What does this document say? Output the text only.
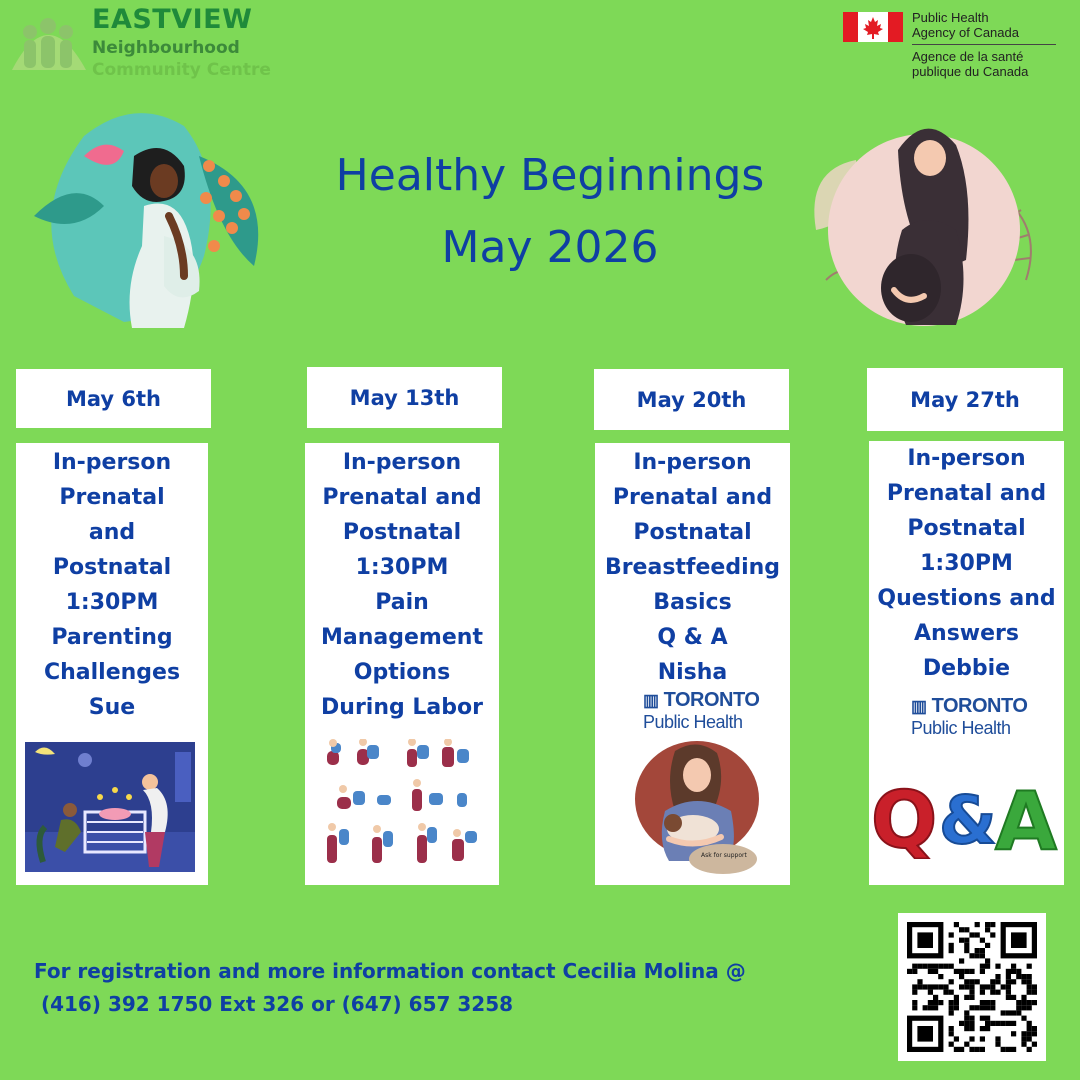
EASTVIEW
Neighbourhood
Community Centre
Public Health
Agency of Canada
Agence de la santé
publique du Canada
Healthy Beginnings
May 2026
May 6th
In-person
Prenatal
and
Postnatal
1:30PM
Parenting
Challenges
Sue
May 13th
In-person
Prenatal and
Postnatal
1:30PM
Pain
Management
Options
During Labor
May 20th
In-person
Prenatal and
Postnatal
Breastfeeding
Basics
Q & A
Nisha
▥ TORONTO
Public Health
Ask for support
May 27th
In-person
Prenatal and
Postnatal
1:30PM
Questions and
Answers
Debbie
▥ TORONTO
Public Health
Q &
A
For registration and more information contact Cecilia Molina @
(416) 392 1750 Ext 326 or (647) 657 3258
